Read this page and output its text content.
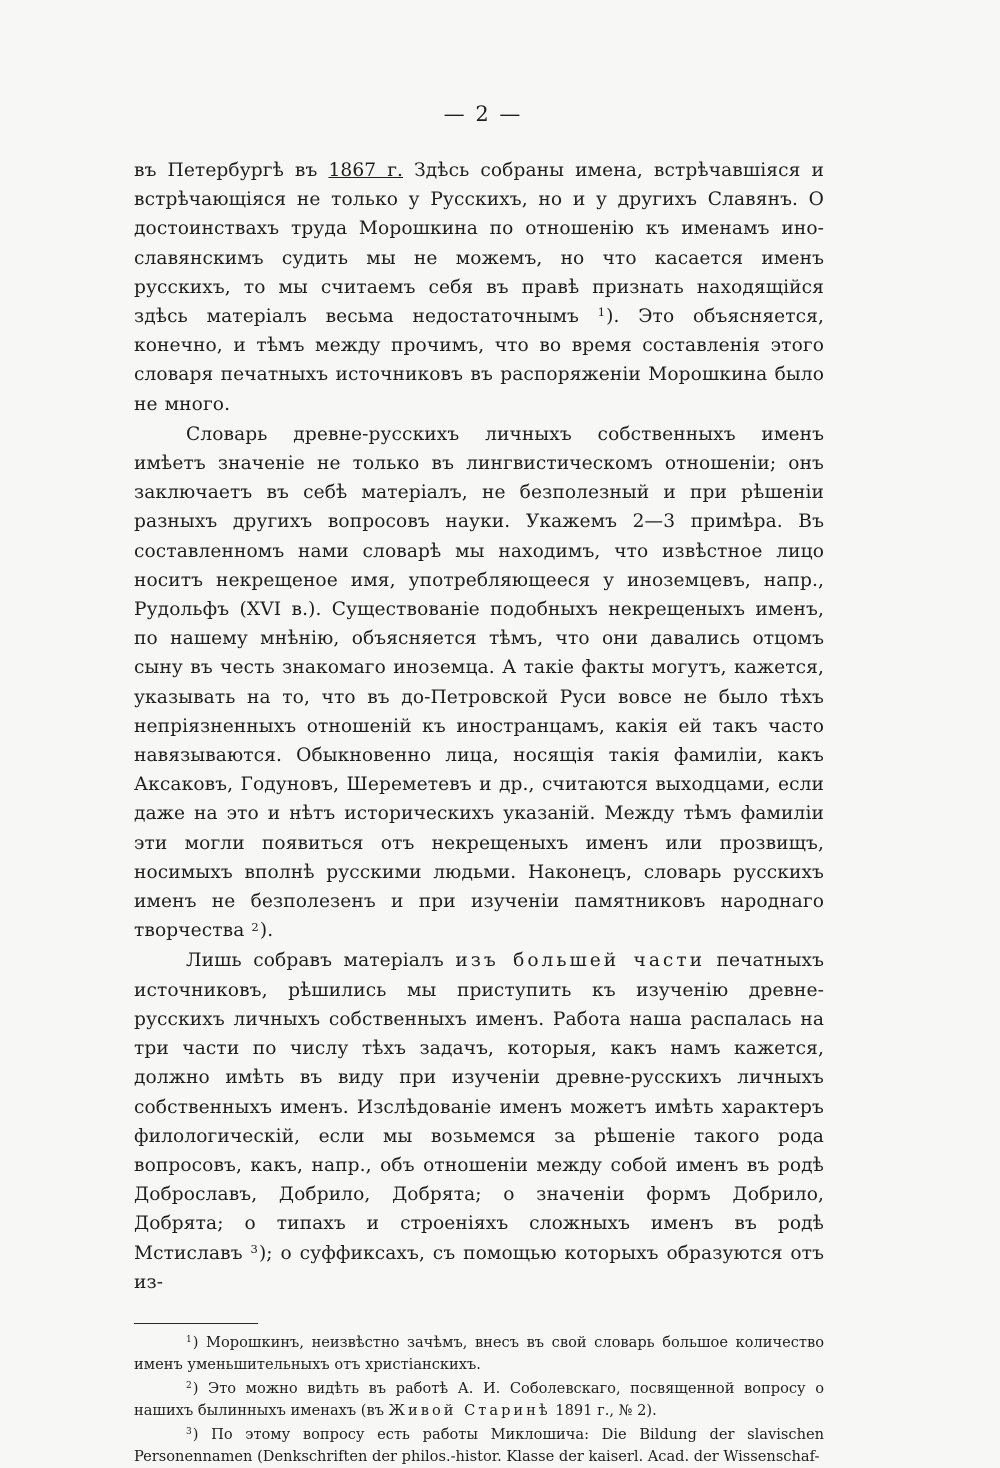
— 2 —

въ Петербургѣ въ 1867 г. Здѣсь собраны имена, встрѣчавшіяся и встрѣчающіяся не только у Русскихъ, но и у другихъ Славянъ. О достоинствахъ труда Морошкина по отношенію къ именамъ ино-славянскимъ судить мы не можемъ, но что касается именъ русскихъ, то мы считаемъ себя въ правѣ признать находящійся здѣсь матеріалъ весьма недостаточнымъ $^1$). Это объясняется, конечно, и тѣмъ между прочимъ, что во время составленія этого словаря печатныхъ источниковъ въ распоряженіи Морошкина было не много.

Словарь древне-русскихъ личныхъ собственныхъ именъ имѣетъ значеніе не только въ лингвистическомъ отношеніи; онъ заключаетъ въ себѣ матеріалъ, не безполезный и при рѣшеніи разныхъ другихъ вопросовъ науки. Укажемъ 2—3 примѣра. Въ составленномъ нами словарѣ мы находимъ, что извѣстное лицо носитъ некрещеное имя, употребляющееся у иноземцевъ, напр., Рудольфъ (XVI в.). Существованіе подобныхъ некрещеныхъ именъ, по нашему мнѣнію, объясняется тѣмъ, что они давались отцомъ сыну въ честь знакомаго иноземца. А такіе факты могутъ, кажется, указывать на то, что въ до-Петровской Руси вовсе не было тѣхъ непріязненныхъ отношеній къ иностранцамъ, какія ей такъ часто навязываются. Обыкновенно лица, носящія такія фамиліи, какъ Аксаковъ, Годуновъ, Шереметевъ и др., считаются выходцами, если даже на это и нѣтъ историческихъ указаній. Между тѣмъ фамиліи эти могли появиться отъ некрещеныхъ именъ или прозвищъ, носимыхъ вполнѣ русскими людьми. Наконецъ, словарь русскихъ именъ не безполезенъ и при изученіи памятниковъ народнаго творчества $^2$).

Лишь собравъ матеріалъ изъ большей части печатныхъ источниковъ, рѣшились мы приступить къ изученію древне-русскихъ личныхъ собственныхъ именъ. Работа наша распалась на три части по числу тѣхъ задачъ, которыя, какъ намъ кажется, должно имѣть въ виду при изученіи древне-русскихъ личныхъ собственныхъ именъ. Изслѣдованіе именъ можетъ имѣть характеръ филологическій, если мы возьмемся за рѣшеніе такого рода вопросовъ, какъ, напр., объ отношеніи между собой именъ въ родѣ Доброславъ, Добрило, Добрята; о значеніи формъ Добрило, Добрята; о типахъ и строеніяхъ сложныхъ именъ въ родѣ Мстиславъ $^3$); о суффиксахъ, съ помощью которыхъ образуются отъ из-

$^1$) Морошкинъ, неизвѣстно зачѣмъ, внесъ въ свой словарь большое количество именъ уменьшительныхъ отъ христіанскихъ.

$^2$) Это можно видѣть въ работѣ А. И. Соболевскаго, посвященной вопросу о нашихъ былинныхъ именахъ (въ Живой Старинѣ 1891 г., № 2).

$^3$) По этому вопросу есть работы Миклошича: Die Bildung der slavischen Personennamen (Denkschriften der philos.-histor. Klasse der kaiserl. Acad. der Wissenschaf-
